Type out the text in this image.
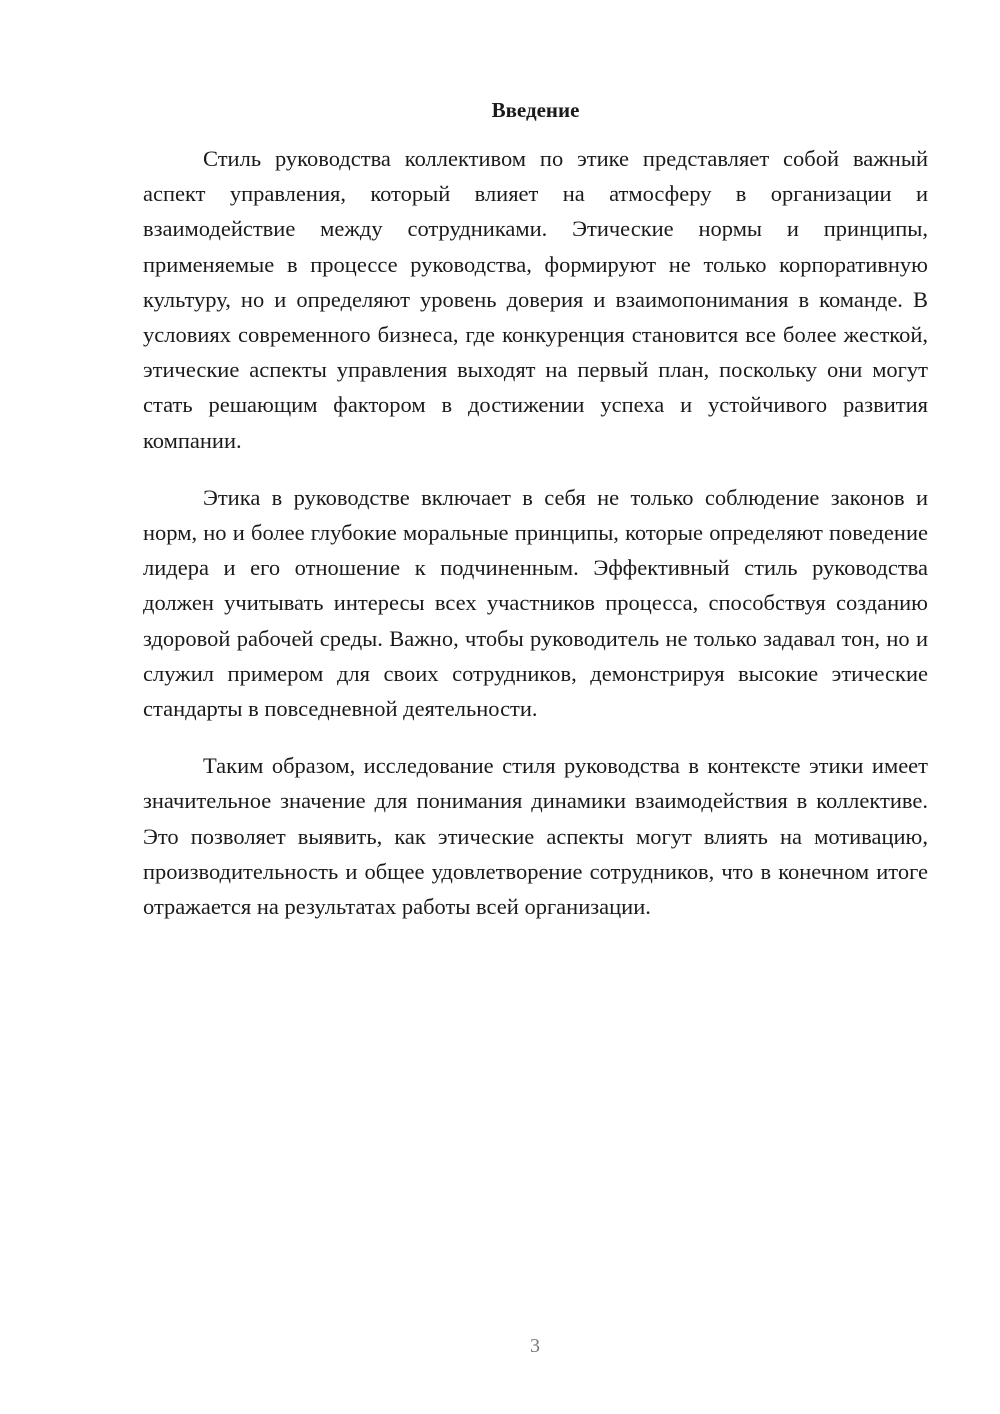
Введение

Стиль руководства коллективом по этике представляет собой важный аспект управления, который влияет на атмосферу в организации и взаимодействие между сотрудниками. Этические нормы и принципы, применяемые в процессе руководства, формируют не только корпоративную культуру, но и определяют уровень доверия и взаимопонимания в команде. В условиях современного бизнеса, где конкуренция становится все более жесткой, этические аспекты управления выходят на первый план, поскольку они могут стать решающим фактором в достижении успеха и устойчивого развития компании.

Этика в руководстве включает в себя не только соблюдение законов и норм, но и более глубокие моральные принципы, которые определяют поведение лидера и его отношение к подчиненным. Эффективный стиль руководства должен учитывать интересы всех участников процесса, способствуя созданию здоровой рабочей среды. Важно, чтобы руководитель не только задавал тон, но и служил примером для своих сотрудников, демонстрируя высокие этические стандарты в повседневной деятельности.

Таким образом, исследование стиля руководства в контексте этики имеет значительное значение для понимания динамики взаимодействия в коллективе. Это позволяет выявить, как этические аспекты могут влиять на мотивацию, производительность и общее удовлетворение сотрудников, что в конечном итоге отражается на результатах работы всей организации.

3
